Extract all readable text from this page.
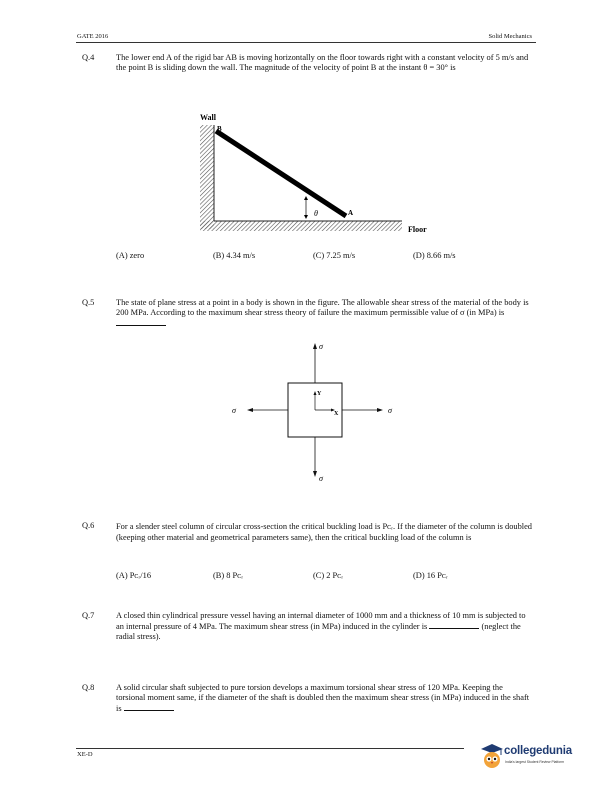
GATE 2016	Solid Mechanics
Q.4	The lower end A of the rigid bar AB is moving horizontally on the floor towards right with a constant velocity of 5 m/s and the point B is sliding down the wall. The magnitude of the velocity of point B at the instant θ = 30° is
Wall
Floor
B
A
θ
(A) zero	(B) 4.34 m/s	(C) 7.25 m/s	(D) 8.66 m/s
Q.5	The state of plane stress at a point in a body is shown in the figure. The allowable shear stress of the material of the body is 200 MPa. According to the maximum shear stress theory of failure the maximum permissible value of σ (in MPa) is
σ
σ
σ	σ
Y
X
Q.6	For a slender steel column of circular cross-section the critical buckling load is Pᴄᵣ. If the diameter of the column is doubled (keeping other material and geometrical parameters same), then the critical buckling load of the column is
(A) Pᴄᵣ/16	(B) 8 Pᴄᵣ	(C) 2 Pᴄᵣ	(D) 16 Pᴄᵣ
Q.7	A closed thin cylindrical pressure vessel having an internal diameter of 1000 mm and a thickness of 10 mm is subjected to an internal pressure of 4 MPa. The maximum shear stress (in MPa) induced in the cylinder is	(neglect the radial stress).
Q.8	A solid circular shaft subjected to pure torsion develops a maximum torsional shear stress of 120 MPa. Keeping the torsional moment same, if the diameter of the shaft is doubled then the maximum shear stress (in MPa) induced in the shaft is
XE-D	collegedunia
India's largest Student Review Platform
